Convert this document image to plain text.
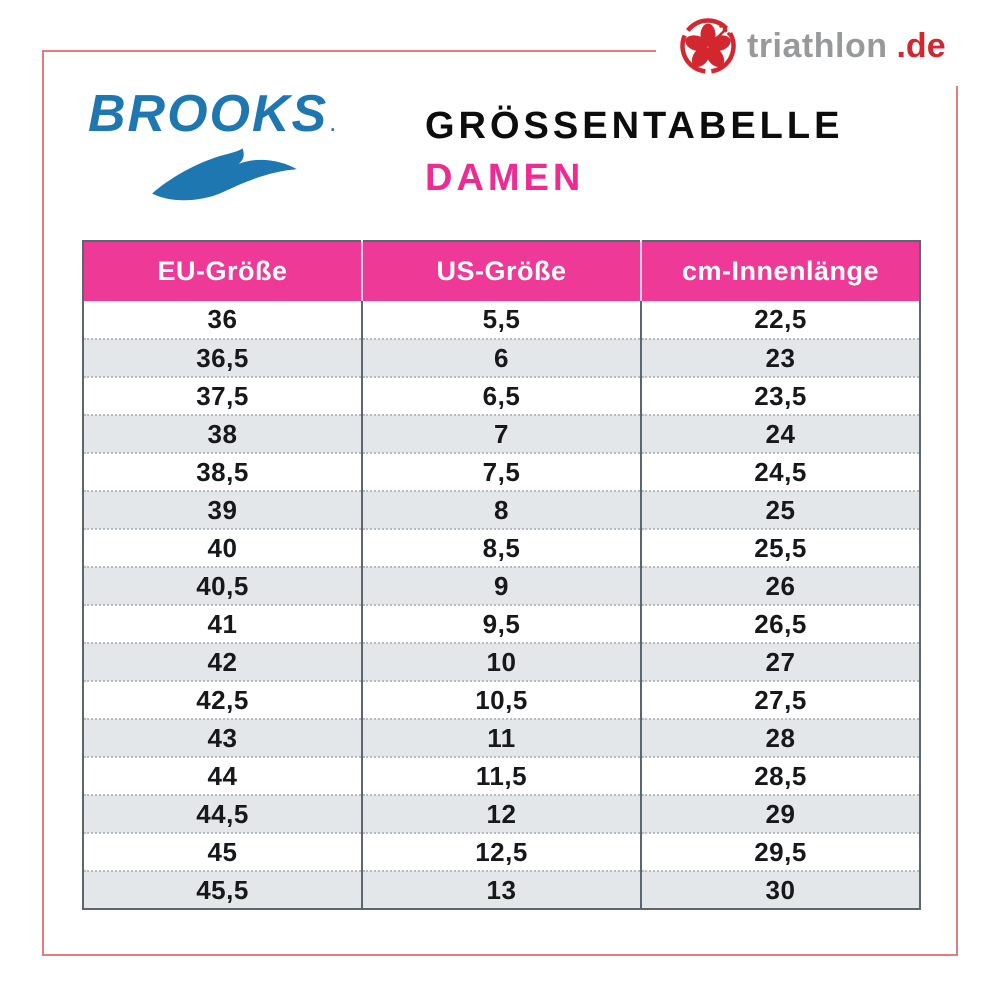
triathlon .de
BROOKS . GRÖSSENTABELLE
DAMEN
EU-Größe	US-Größe	cm-Innenlänge
36	5,5	22,5
36,5	6	23
37,5	6,5	23,5
38	7	24
38,5	7,5	24,5
39	8	25
40	8,5	25,5
40,5	9	26
41	9,5	26,5
42	10	27
42,5	10,5	27,5
43	11	28
44	11,5	28,5
44,5	12	29
45	12,5	29,5
45,5	13	30
